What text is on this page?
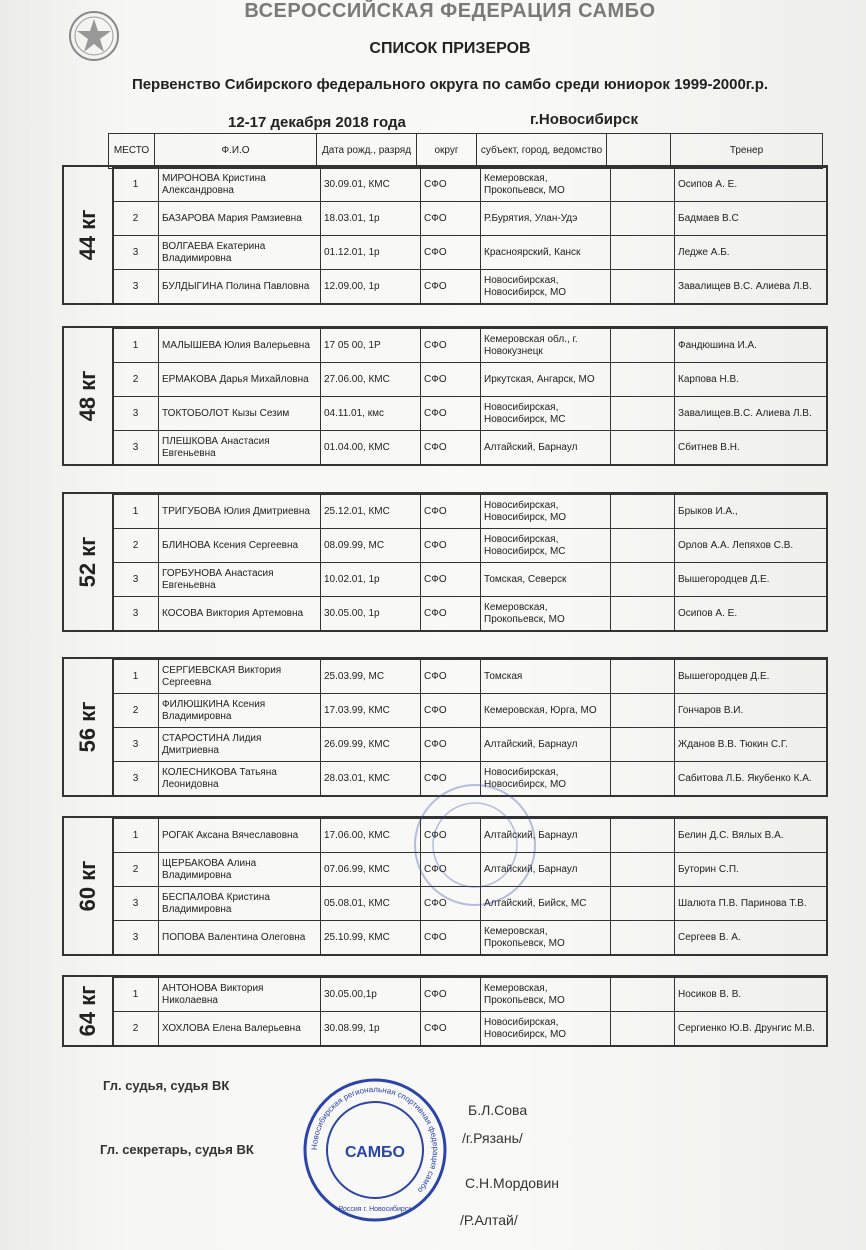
ВСЕРОССИЙСКАЯ ФЕДЕРАЦИЯ САМБО
СПИСОК ПРИЗЕРОВ
Первенство Сибирского федерального округа по самбо среди юниорок 1999-2000г.р.
12-17 декабря 2018 года	г.Новосибирск
МЕСТО	Ф.И.О	Дата рожд., разряд	округ	субъект, город, ведомство		Тренер
44 кг
1	МИРОНОВА Кристина Александровна	30.09.01, КМС	СФО	Кемеровская, Прокопьевск, МО		Осипов А. Е.
2	БАЗАРОВА Мария Рамзиевна	18.03.01, 1р	СФО	Р.Бурятия, Улан-Удэ		Бадмаев В.С
3	ВОЛГАЕВА Екатерина Владимировна	01.12.01, 1р	СФО	Красноярский, Канск		Ледже А.Б.
3	БУЛДЫГИНА Полина Павловна	12.09.00, 1р	СФО	Новосибирская, Новосибирск, МО		Завалищев В.С. Алиева Л.В.
48 кг
1	МАЛЫШЕВА Юлия Валерьевна	17 05 00, 1Р	СФО	Кемеровская обл., г. Новокузнецк		Фандюшина И.А.
2	ЕРМАКОВА Дарья Михайловна	27.06.00, КМС	СФО	Иркутская, Ангарск, МО		Карпова Н.В.
3	ТОКТОБОЛОТ Кызы Сезим	04.11.01, кмс	СФО	Новосибирская, Новосибирск, МС		Завалищев.В.С. Алиева Л.В.
3	ПЛЕШКОВА Анастасия Евгеньевна	01.04.00, КМС	СФО	Алтайский, Барнаул		Сбитнев В.Н.
52 кг
1	ТРИГУБОВА Юлия Дмитриевна	25.12.01, КМС	СФО	Новосибирская, Новосибирск, МО		Брыков И.А.,
2	БЛИНОВА Ксения Сергеевна	08.09.99, МС	СФО	Новосибирская, Новосибирск, МС		Орлов А.А. Лепяхов С.В.
3	ГОРБУНОВА Анастасия Евгеньевна	10.02.01, 1р	СФО	Томская, Северск		Вышегородцев Д.Е.
3	КОСОВА Виктория Артемовна	30.05.00, 1р	СФО	Кемеровская, Прокопьевск, МО		Осипов А. Е.
56 кг
1	СЕРГИЕВСКАЯ Виктория Сергеевна	25.03.99, МС	СФО	Томская		Вышегородцев Д.Е.
2	ФИЛЮШКИНА Ксения Владимировна	17.03.99, КМС	СФО	Кемеровская, Юрга, МО		Гончаров В.И.
3	СТАРОСТИНА Лидия Дмитриевна	26.09.99, КМС	СФО	Алтайский, Барнаул		Жданов В.В. Тюкин С.Г.
3	КОЛЕСНИКОВА Татьяна Леонидовна	28.03.01, КМС	СФО	Новосибирская, Новосибирск, МО		Сабитова Л.Б. Якубенко К.А.
60 кг
1	РОГАК Аксана Вячеславовна	17.06.00, КМС	СФО	Алтайский, Барнаул		Белин Д.С. Вялых В.А.
2	ЩЕРБАКОВА Алина Владимировна	07.06.99, КМС	СФО	Алтайский, Барнаул		Буторин С.П.
3	БЕСПАЛОВА Кристина Владимировна	05.08.01, КМС	СФО	Алтайский, Бийск, МС		Шалюта П.В. Паринова Т.В.
3	ПОПОВА Валентина Олеговна	25.10.99, КМС	СФО	Кемеровская, Прокопьевск, МО		Сергеев В. А.
64 кг	1	АНТОНОВА Виктория Николаевна	30.05.00,1р	СФО	Кемеровская, Прокопьевск, МО		Носиков В. В.
2	ХОХЛОВА Елена Валерьевна	30.08.99, 1р	СФО	Новосибирская, Новосибирск, МО		Сергиенко Ю.В. Друнгис М.В.
Гл. судья, судья ВК
Б.Л.Сова
/г.Рязань/
Гл. секретарь, судья ВК
С.Н.Мордовин
/Р.Алтай/
Новосибирская региональная спортивная федерация самбо
САМБО
Россия г. Новосибирск
